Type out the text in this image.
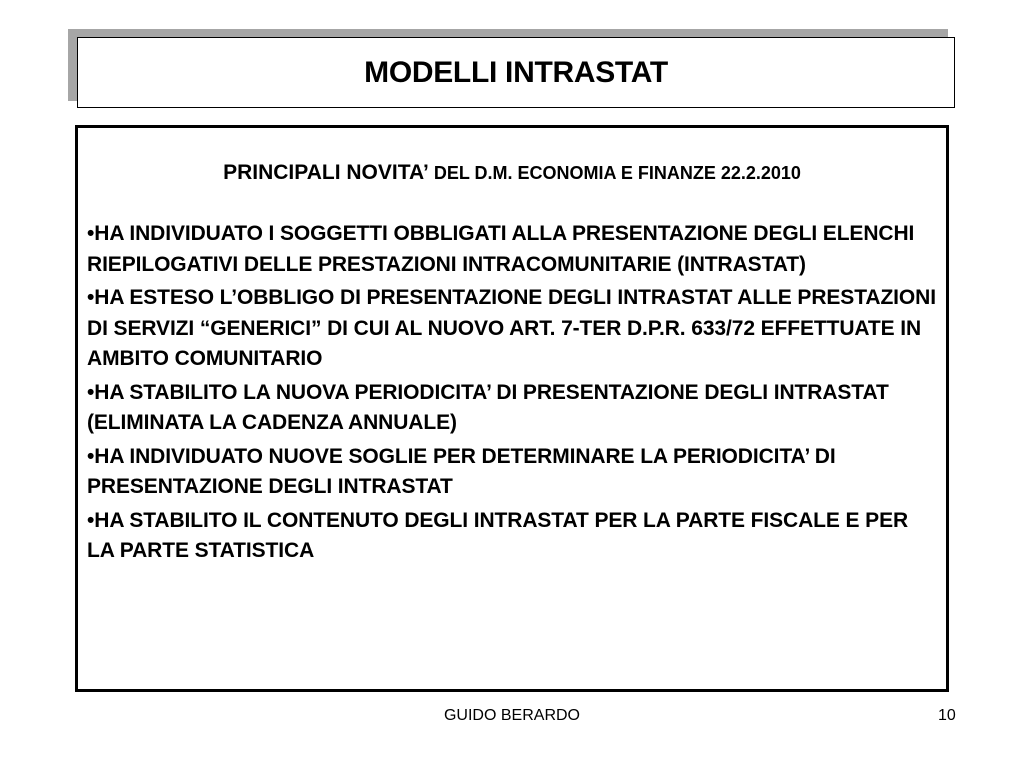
MODELLI INTRASTAT
PRINCIPALI NOVITA’ DEL D.M. ECONOMIA E FINANZE 22.2.2010
•HA INDIVIDUATO I SOGGETTI OBBLIGATI ALLA PRESENTAZIONE DEGLI ELENCHI RIEPILOGATIVI DELLE PRESTAZIONI INTRACOMUNITARIE (INTRASTAT)
•HA ESTESO L’OBBLIGO DI PRESENTAZIONE DEGLI INTRASTAT ALLE PRESTAZIONI DI SERVIZI “GENERICI” DI CUI AL NUOVO ART. 7-TER D.P.R. 633/72 EFFETTUATE IN AMBITO COMUNITARIO
•HA STABILITO LA NUOVA PERIODICITA’ DI PRESENTAZIONE DEGLI INTRASTAT (ELIMINATA LA CADENZA ANNUALE)
•HA INDIVIDUATO NUOVE SOGLIE PER DETERMINARE LA PERIODICITA’ DI PRESENTAZIONE DEGLI INTRASTAT
•HA STABILITO IL CONTENUTO DEGLI INTRASTAT PER LA PARTE FISCALE E PER LA PARTE STATISTICA
GUIDO BERARDO	10
